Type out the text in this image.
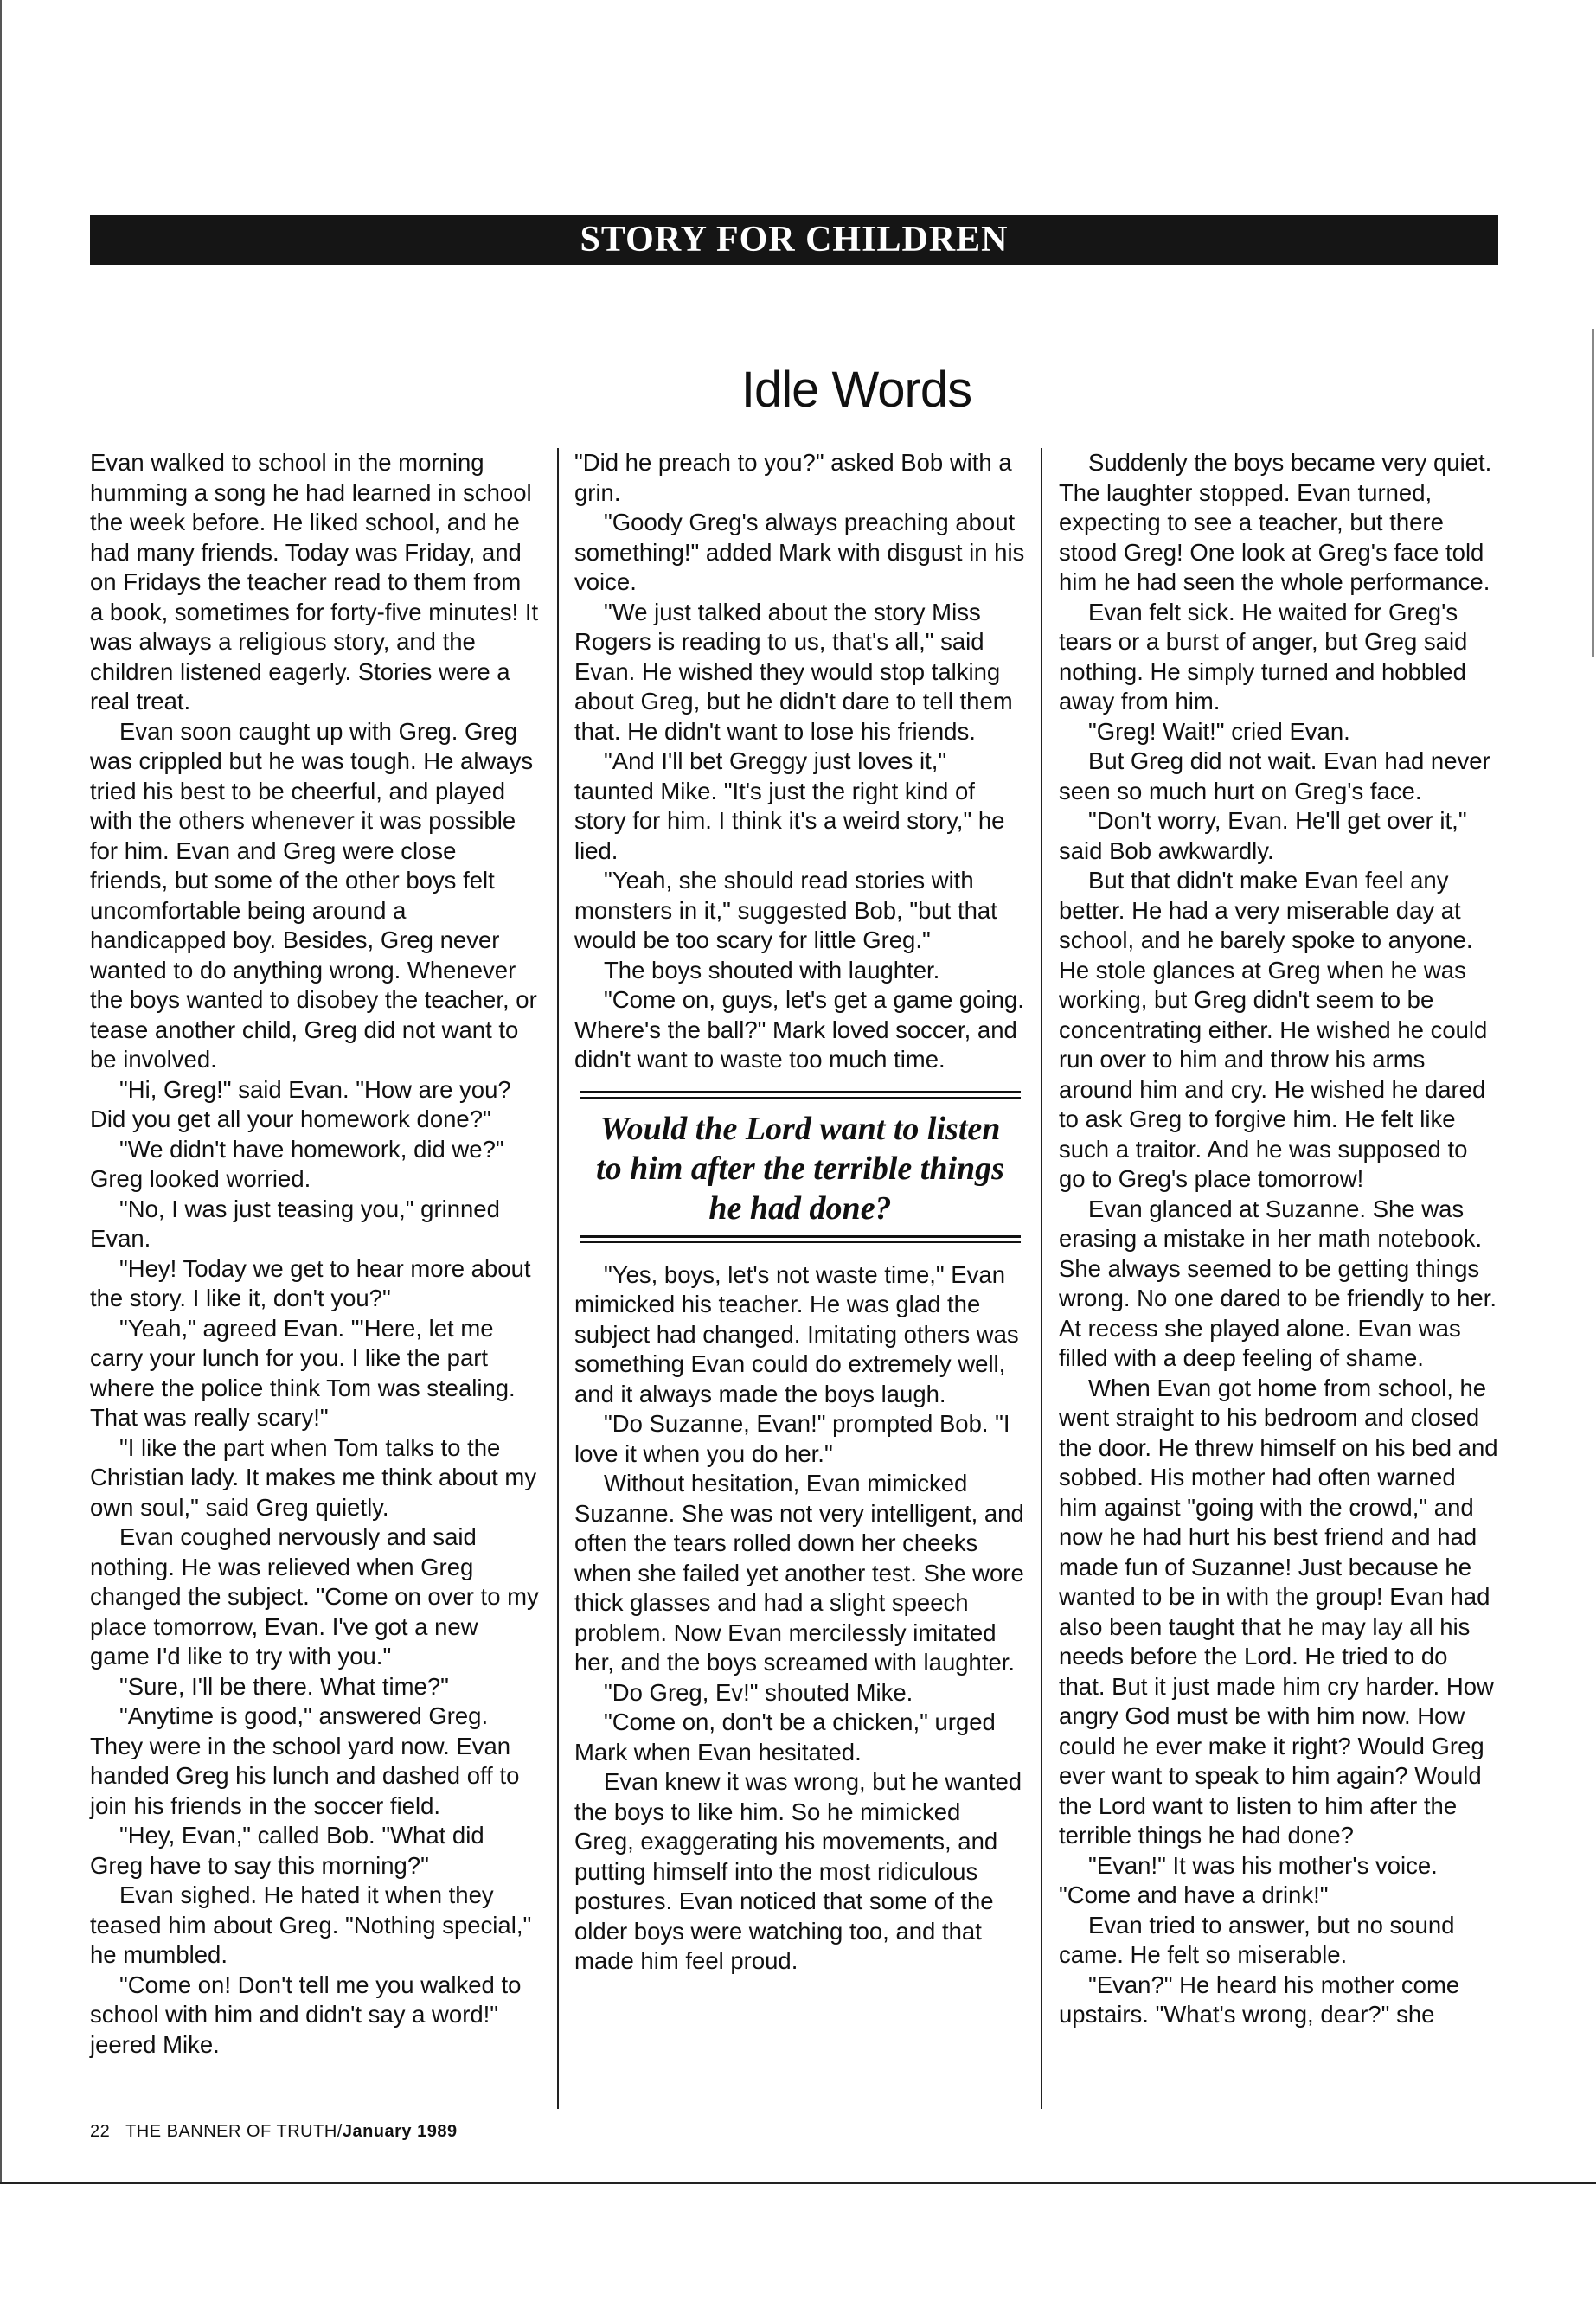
STORY FOR CHILDREN
Idle Words

Evan walked to school in the morning humming a song he had learned in school the week before. He liked school, and he had many friends. Today was Friday, and on Fridays the teacher read to them from a book, sometimes for forty-five minutes! It was always a religious story, and the children listened eagerly. Stories were a real treat.

Evan soon caught up with Greg. Greg was crippled but he was tough. He always tried his best to be cheerful, and played with the others whenever it was possible for him. Evan and Greg were close friends, but some of the other boys felt uncomfortable being around a handicapped boy. Besides, Greg never wanted to do anything wrong. Whenever the boys wanted to disobey the teacher, or tease another child, Greg did not want to be involved.

"Hi, Greg!" said Evan. "How are you? Did you get all your homework done?"

"We didn't have homework, did we?" Greg looked worried.

"No, I was just teasing you," grinned Evan.

"Hey! Today we get to hear more about the story. I like it, don't you?"

"Yeah," agreed Evan. "'Here, let me carry your lunch for you. I like the part where the police think Tom was stealing. That was really scary!"

"I like the part when Tom talks to the Christian lady. It makes me think about my own soul," said Greg quietly.

Evan coughed nervously and said nothing. He was relieved when Greg changed the subject. "Come on over to my place tomorrow, Evan. I've got a new game I'd like to try with you."

"Sure, I'll be there. What time?"

"Anytime is good," answered Greg. They were in the school yard now. Evan handed Greg his lunch and dashed off to join his friends in the soccer field.

"Hey, Evan," called Bob. "What did Greg have to say this morning?"

Evan sighed. He hated it when they teased him about Greg. "Nothing special," he mumbled.

"Come on! Don't tell me you walked to school with him and didn't say a word!" jeered Mike.

"Did he preach to you?" asked Bob with a grin.

"Goody Greg's always preaching about something!" added Mark with disgust in his voice.

"We just talked about the story Miss Rogers is reading to us, that's all," said Evan. He wished they would stop talking about Greg, but he didn't dare to tell them that. He didn't want to lose his friends.

"And I'll bet Greggy just loves it," taunted Mike. "It's just the right kind of story for him. I think it's a weird story," he lied.

"Yeah, she should read stories with monsters in it," suggested Bob, "but that would be too scary for little Greg."

The boys shouted with laughter.

"Come on, guys, let's get a game going. Where's the ball?" Mark loved soccer, and didn't want to waste too much time.

Would the Lord want to listen to him after the terrible things he had done?

"Yes, boys, let's not waste time," Evan mimicked his teacher. He was glad the subject had changed. Imitating others was something Evan could do extremely well, and it always made the boys laugh.

"Do Suzanne, Evan!" prompted Bob. "I love it when you do her."

Without hesitation, Evan mimicked Suzanne. She was not very intelligent, and often the tears rolled down her cheeks when she failed yet another test. She wore thick glasses and had a slight speech problem. Now Evan mercilessly imitated her, and the boys screamed with laughter.

"Do Greg, Ev!" shouted Mike.

"Come on, don't be a chicken," urged Mark when Evan hesitated.

Evan knew it was wrong, but he wanted the boys to like him. So he mimicked Greg, exaggerating his movements, and putting himself into the most ridiculous postures. Evan noticed that some of the older boys were watching too, and that made him feel proud.

Suddenly the boys became very quiet. The laughter stopped. Evan turned, expecting to see a teacher, but there stood Greg! One look at Greg's face told him he had seen the whole performance.

Evan felt sick. He waited for Greg's tears or a burst of anger, but Greg said nothing. He simply turned and hobbled away from him.

"Greg! Wait!" cried Evan.

But Greg did not wait. Evan had never seen so much hurt on Greg's face.

"Don't worry, Evan. He'll get over it," said Bob awkwardly.

But that didn't make Evan feel any better. He had a very miserable day at school, and he barely spoke to anyone. He stole glances at Greg when he was working, but Greg didn't seem to be concentrating either. He wished he could run over to him and throw his arms around him and cry. He wished he dared to ask Greg to forgive him. He felt like such a traitor. And he was supposed to go to Greg's place tomorrow!

Evan glanced at Suzanne. She was erasing a mistake in her math notebook. She always seemed to be getting things wrong. No one dared to be friendly to her. At recess she played alone. Evan was filled with a deep feeling of shame.

When Evan got home from school, he went straight to his bedroom and closed the door. He threw himself on his bed and sobbed. His mother had often warned him against "going with the crowd," and now he had hurt his best friend and had made fun of Suzanne! Just because he wanted to be in with the group! Evan had also been taught that he may lay all his needs before the Lord. He tried to do that. But it just made him cry harder. How angry God must be with him now. How could he ever make it right? Would Greg ever want to speak to him again? Would the Lord want to listen to him after the terrible things he had done?

"Evan!" It was his mother's voice. "Come and have a drink!"

Evan tried to answer, but no sound came. He felt so miserable.

"Evan?" He heard his mother come upstairs. "What's wrong, dear?" she

22 THE BANNER OF TRUTH/January 1989
